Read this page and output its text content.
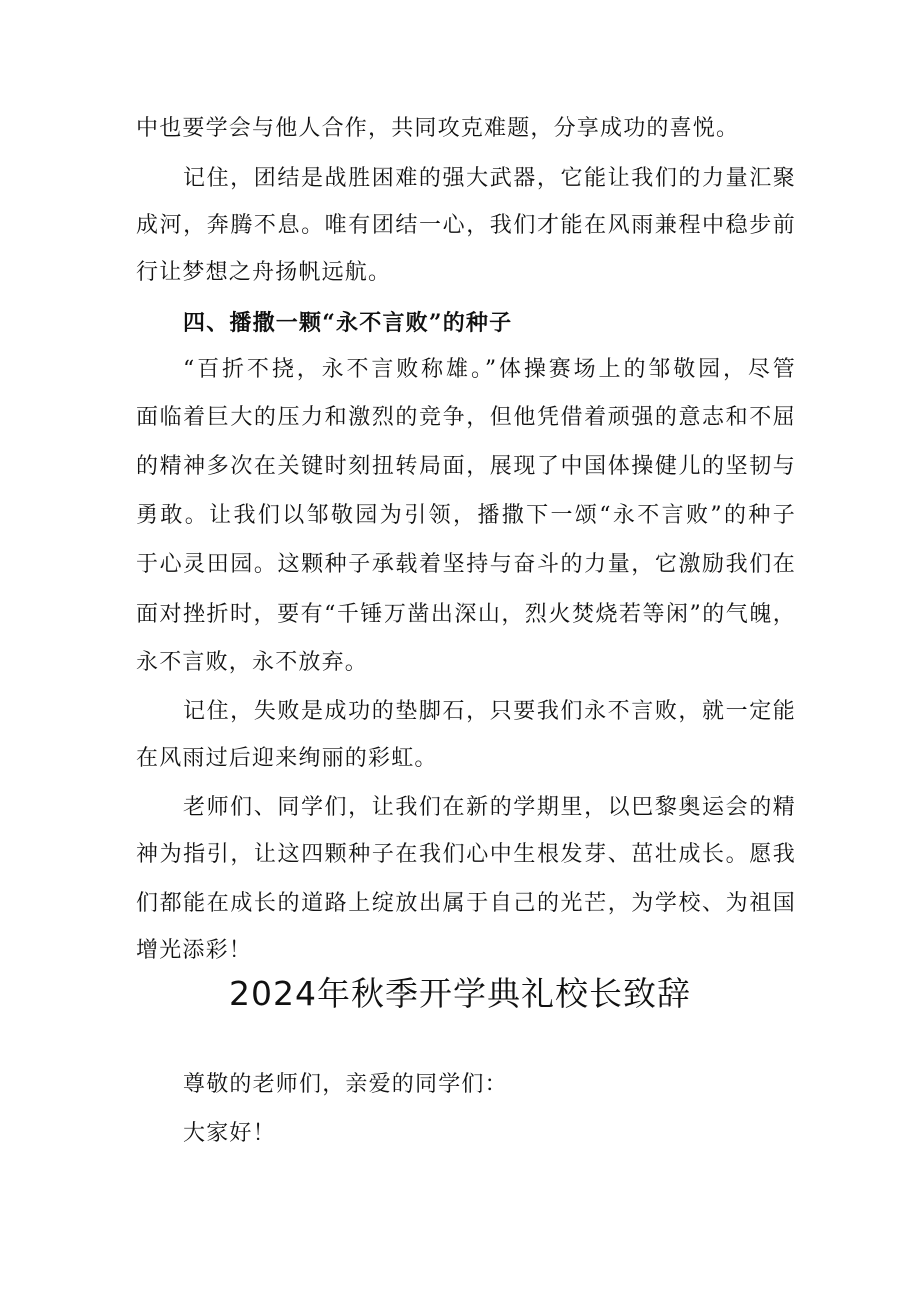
中也要学会与他人合作，共同攻克难题，分享成功的喜悦。
记住，团结是战胜困难的强大武器，它能让我们的力量汇聚
成河，奔腾不息。唯有团结一心，我们才能在风雨兼程中稳步前
行让梦想之舟扬帆远航。
四、播撒一颗“永不言败”的种子
“百折不挠，永不言败称雄。”体操赛场上的邹敬园，尽管
面临着巨大的压力和激烈的竞争，但他凭借着顽强的意志和不屈
的精神多次在关键时刻扭转局面，展现了中国体操健儿的坚韧与
勇敢。让我们以邹敬园为引领，播撒下一颂“永不言败”的种子
于心灵田园。这颗种子承载着坚持与奋斗的力量，它激励我们在
面对挫折时，要有“千锤万凿出深山，烈火焚烧若等闲”的气魄，
永不言败，永不放弃。
记住，失败是成功的垫脚石，只要我们永不言败，就一定能
在风雨过后迎来绚丽的彩虹。
老师们、同学们，让我们在新的学期里，以巴黎奥运会的精
神为指引，让这四颗种子在我们心中生根发芽、茁壮成长。愿我
们都能在成长的道路上绽放出属于自己的光芒，为学校、为祖国
增光添彩！
2024年秋季开学典礼校长致辞
尊敬的老师们，亲爱的同学们：
大家好！
